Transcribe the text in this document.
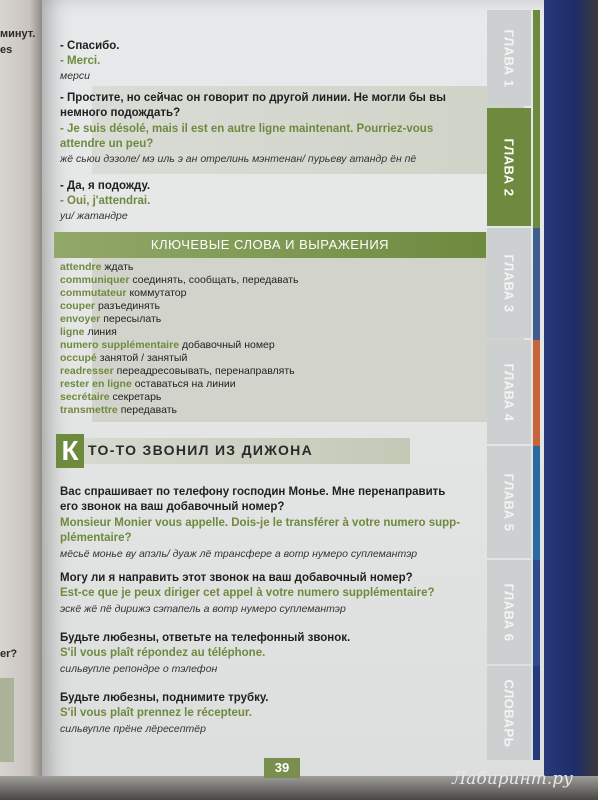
минут.
es
er?
ГЛАВА 1
ГЛАВА 2
ГЛАВА 3
ГЛАВА 4
ГЛАВА 5
ГЛАВА 6
СЛОВАРЬ
- Спасибо.
- Merci.
мерси
- Простите, но сейчас он говорит по другой линии. Не могли бы вы
немного подождать?
- Je suis désolé, mais il est en autre ligne maintenant. Pourriez-vous
attendre un peu?
жё сьюи дэзоле/ мэ иль э ан отрелинь мэнтенан/ пурьеву атандр ён пё
- Да, я подожду.
- Oui, j'attendrai.
уи/ жатандре
КЛЮЧЕВЫЕ СЛОВА И ВЫРАЖЕНИЯ
attendre ждать
communiquer соединять, сообщать, передавать
commutateur коммутатор
couper разъединять
envoyer пересылать
ligne линия
numero supplémentaire добавочный номер
occupé занятой / занятый
readresser переадресовывать, перенаправлять
rester en ligne оставаться на линии
secrétaire секретарь
transmettre передавать
К ТО-ТО ЗВОНИЛ ИЗ ДИЖОНА
Вас спрашивает по телефону господин Монье. Мне перенаправить
его звонок на ваш добавочный номер?
Monsieur Monier vous appelle. Dois-je le transférer à votre numero supp-
plémentaire?
мёсьё монье ву апэль/ дуаж лё трансфере а вотр нумеро суплемантэр
Могу ли я направить этот звонок на ваш добавочный номер?
Est-ce que je peux diriger cet appel à votre numero supplémentaire?
эскё жё пё дирижэ сэтапель а вотр нумеро суплемантэр
Будьте любезны, ответьте на телефонный звонок.
S'il vous plaît répondez au téléphone.
сильвупле репондре о тэлефон
Будьте любезны, поднимите трубку.
S'il vous plaît prennez le récepteur.
сильвупле прёне лёресептёр
39
Лабиринт.ру
